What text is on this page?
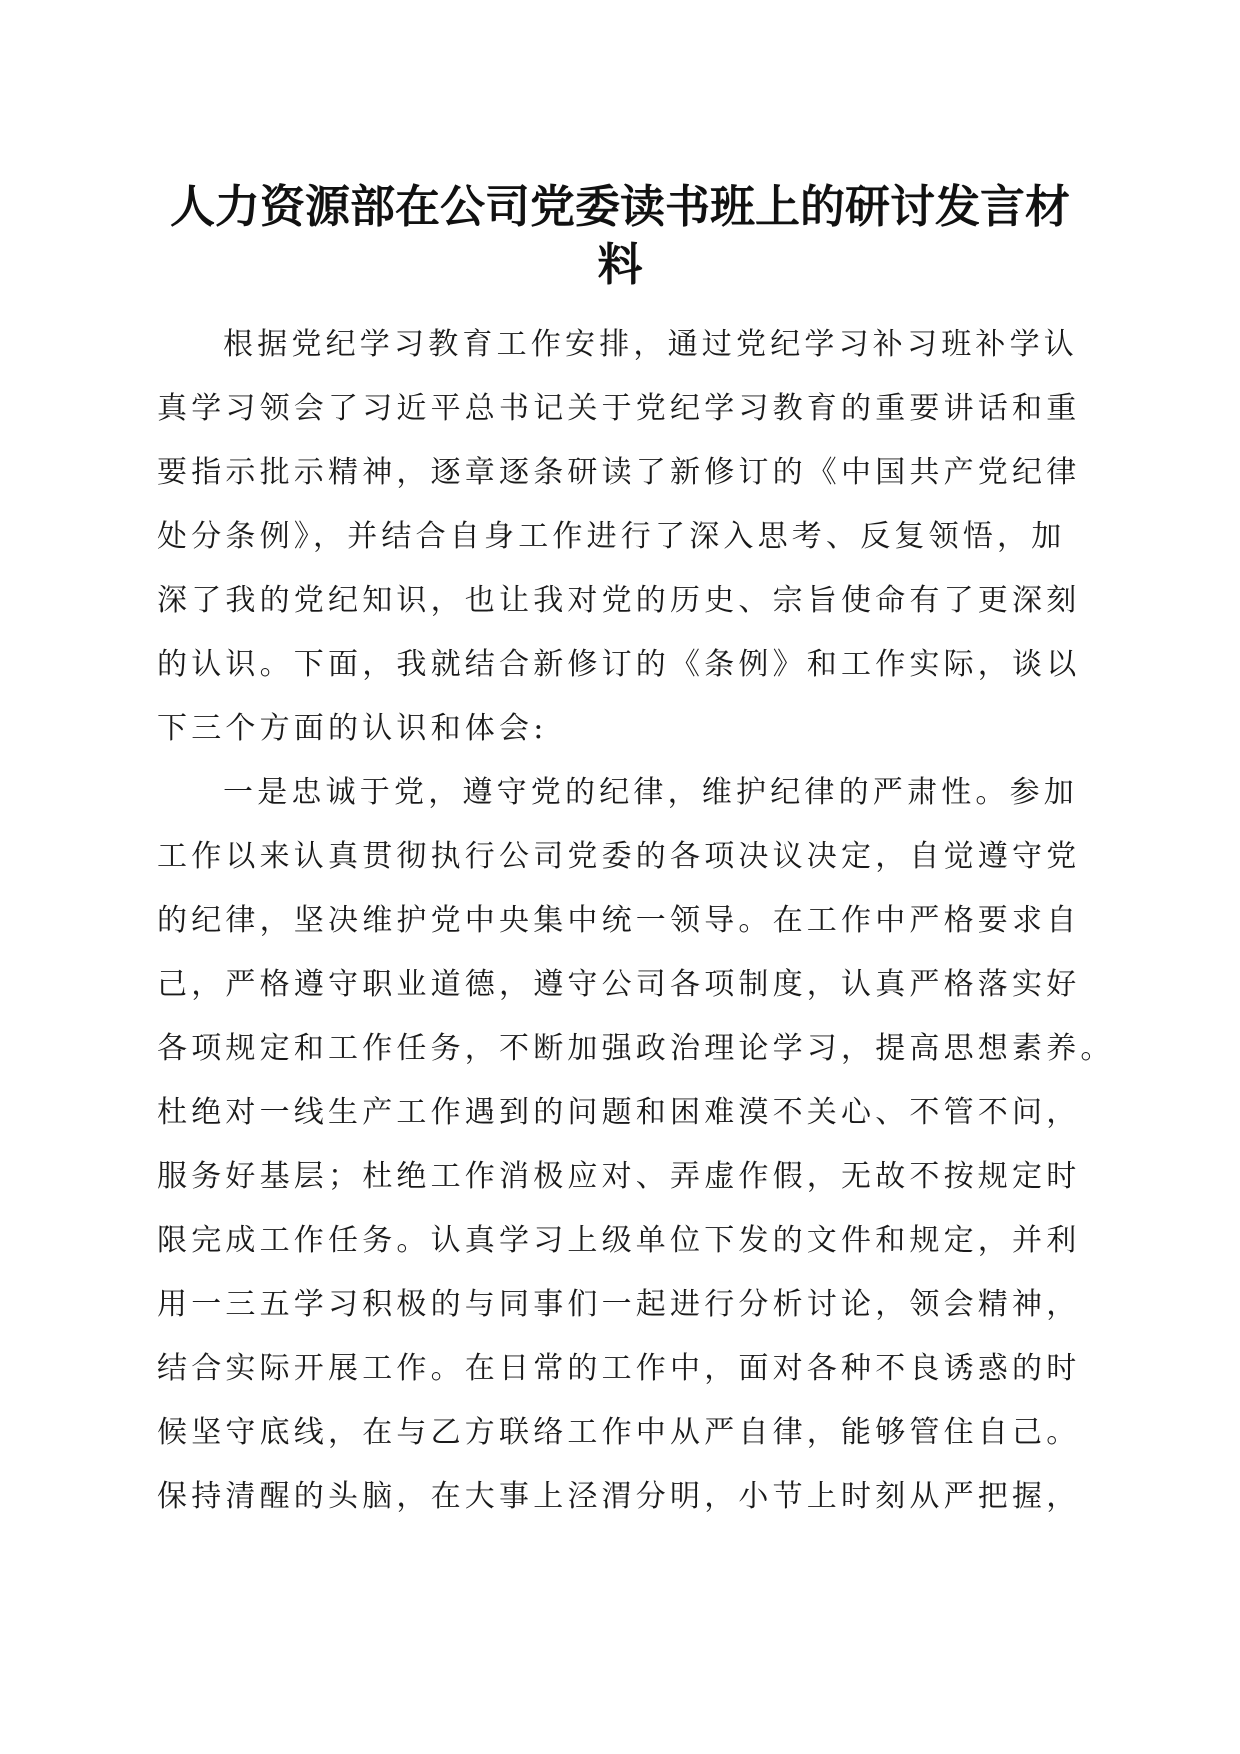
人力资源部在公司党委读书班上的研讨发言材
料
根据党纪学习教育工作安排，通过党纪学习补习班补学认
真学习领会了习近平总书记关于党纪学习教育的重要讲话和重
要指示批示精神，逐章逐条研读了新修订的《中国共产党纪律
处分条例》，并结合自身工作进行了深入思考、反复领悟，加
深了我的党纪知识，也让我对党的历史、宗旨使命有了更深刻
的认识。下面，我就结合新修订的《条例》和工作实际，谈以
下三个方面的认识和体会:
一是忠诚于党，遵守党的纪律，维护纪律的严肃性。参加
工作以来认真贯彻执行公司党委的各项决议决定，自觉遵守党
的纪律，坚决维护党中央集中统一领导。在工作中严格要求自
己，严格遵守职业道德，遵守公司各项制度，认真严格落实好
各项规定和工作任务，不断加强政治理论学习，提高思想素养。
杜绝对一线生产工作遇到的问题和困难漠不关心、不管不问，
服务好基层；杜绝工作消极应对、弄虚作假，无故不按规定时
限完成工作任务。认真学习上级单位下发的文件和规定，并利
用一三五学习积极的与同事们一起进行分析讨论，领会精神，
结合实际开展工作。在日常的工作中，面对各种不良诱惑的时
候坚守底线，在与乙方联络工作中从严自律，能够管住自己。
保持清醒的头脑，在大事上泾渭分明，小节上时刻从严把握，
